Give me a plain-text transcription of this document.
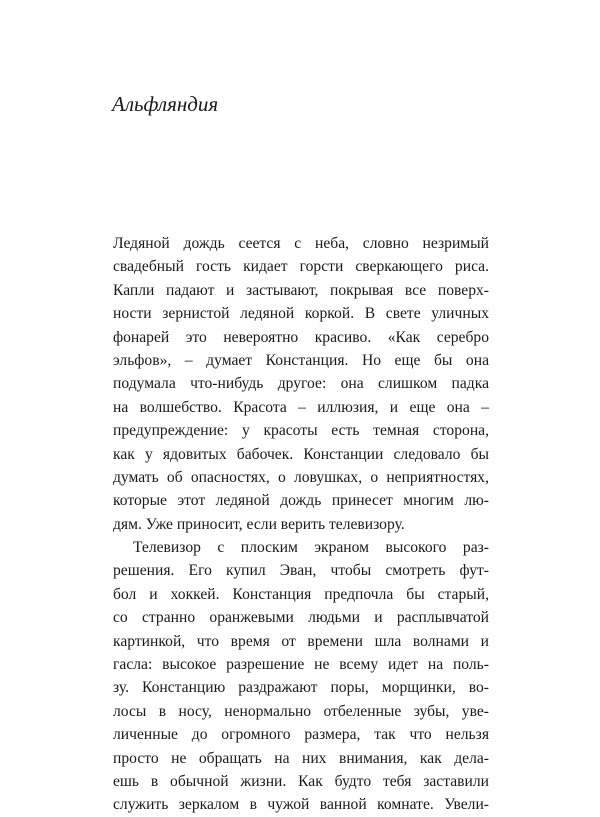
Альфляндия
Ледяной дождь сеется с неба, словно незримый
свадебный гость кидает горсти сверкающего риса.
Капли падают и застывают, покрывая все поверх-
ности зернистой ледяной коркой. В свете уличных
фонарей это невероятно красиво. «Как серебро
эльфов», – думает Констанция. Но еще бы она
подумала что-нибудь другое: она слишком падка
на волшебство. Красота – иллюзия, и еще она –
предупреждение: у красоты есть темная сторона,
как у ядовитых бабочек. Констанции следовало бы
думать об опасностях, о ловушках, о неприятностях,
которые этот ледяной дождь принесет многим лю-
дям. Уже приносит, если верить телевизору.
Телевизор с плоским экраном высокого раз-
решения. Его купил Эван, чтобы смотреть фут-
бол и хоккей. Констанция предпочла бы старый,
со странно оранжевыми людьми и расплывчатой
картинкой, что время от времени шла волнами и
гасла: высокое разрешение не всему идет на поль-
зу. Констанцию раздражают поры, морщинки, во-
лосы в носу, ненормально отбеленные зубы, уве-
личенные до огромного размера, так что нельзя
просто не обращать на них внимания, как дела-
ешь в обычной жизни. Как будто тебя заставили
служить зеркалом в чужой ванной комнате. Увели-
